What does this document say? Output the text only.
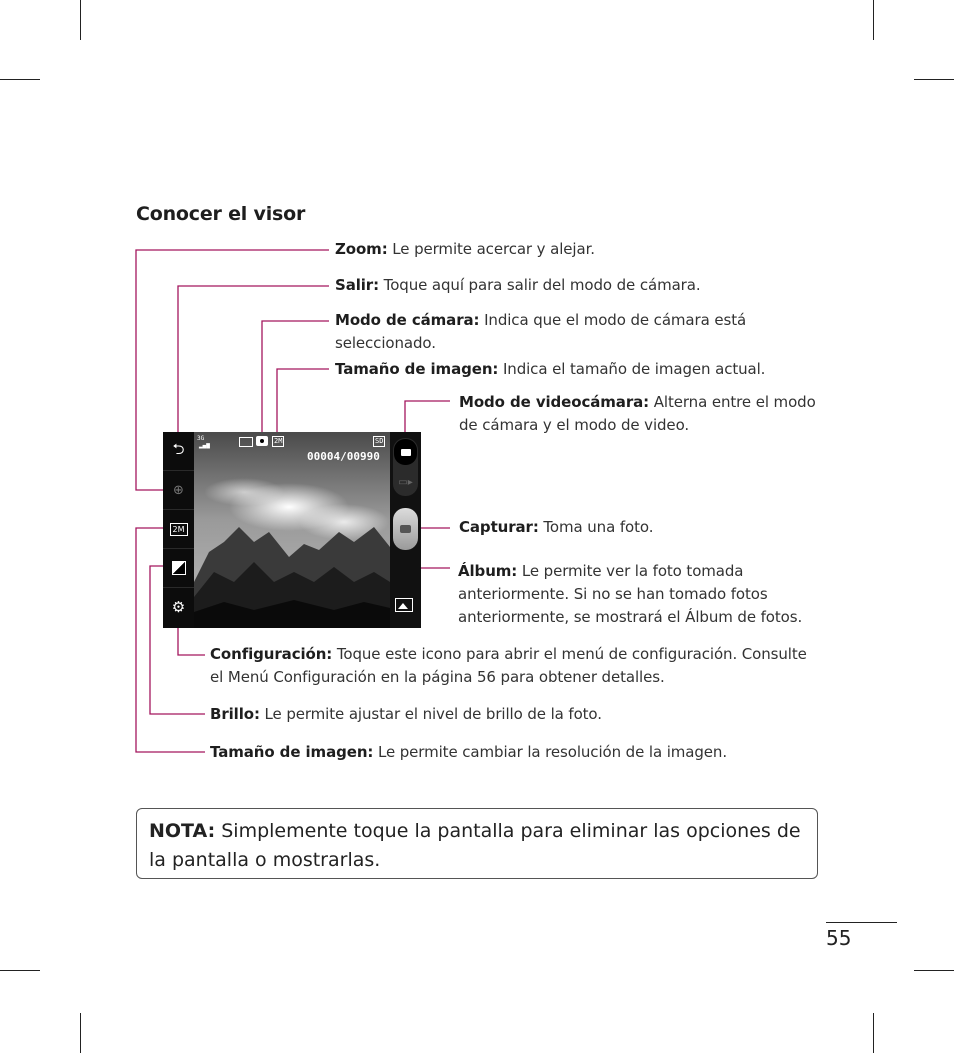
Conocer el visor
Zoom: Le permite acercar y alejar.
Salir: Toque aquí para salir del modo de cámara.
Modo de cámara: Indica que el modo de cámara está seleccionado.
Tamaño de imagen: Indica el tamaño de imagen actual.
Modo de videocámara: Alterna entre el modo de cámara y el modo de video.
Capturar: Toma una foto.
Álbum: Le permite ver la foto tomada anteriormente. Si no se han tomado fotos anteriormente, se mostrará el Álbum de fotos.
Configuración: Toque este icono para abrir el menú de configuración. Consulte el Menú Configuración en la página 56 para obtener detalles.
Brillo: Le permite ajustar el nivel de brillo de la foto.
Tamaño de imagen: Le permite cambiar la resolución de la imagen.
3G
▂▄▆
2M	SD
00004/00990
⮌
⊕
2M
⚙
▭▸
NOTA: Simplemente toque la pantalla para eliminar las opciones de la pantalla o mostrarlas.
55
